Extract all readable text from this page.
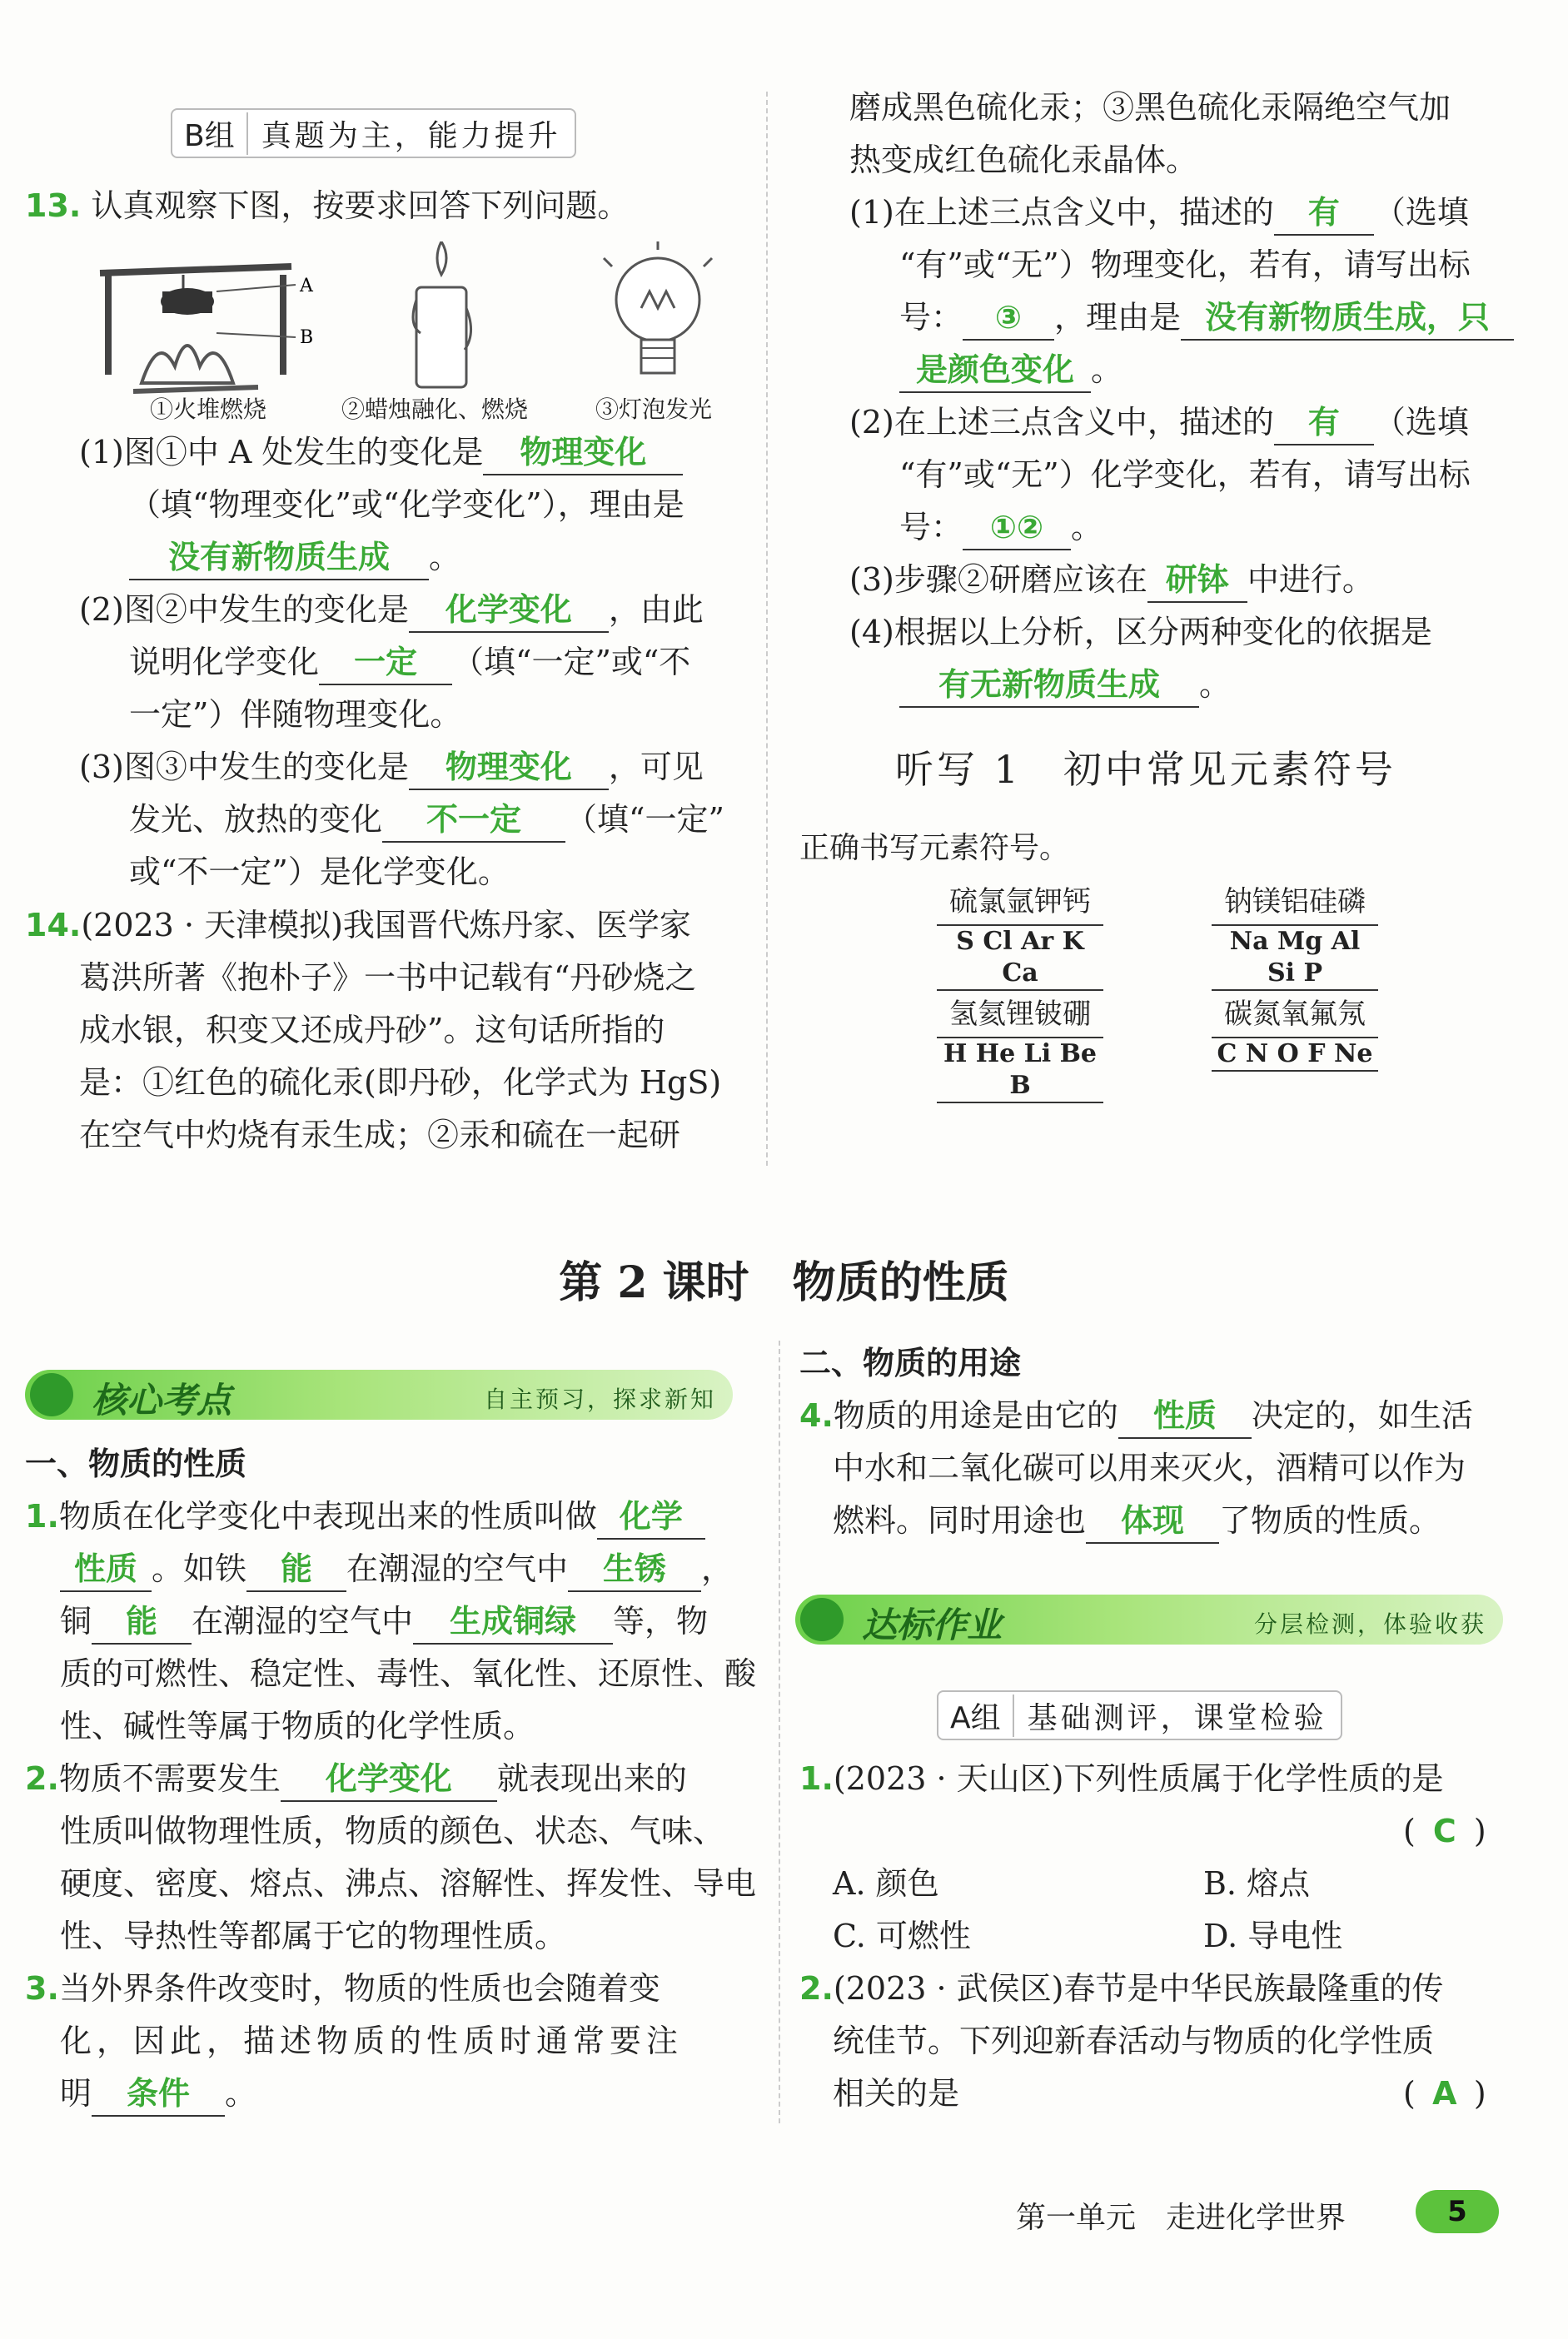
B组 真题为主，能力提升
13. 认真观察下图，按要求回答下列问题。
A
B
①火堆燃烧	②蜡烛融化、燃烧	③灯泡发光
(1)图①中 A 处发生的变化是 物理变化
（填“物理变化”或“化学变化”），理由是
没有新物质生成 。
(2)图②中发生的变化是 化学变化 ，由此
说明化学变化 一定 （填“一定”或“不
一定”）伴随物理变化。
(3)图③中发生的变化是 物理变化 ，可见
发光、放热的变化 不一定 （填“一定”
或“不一定”）是化学变化。
14.(2023 · 天津模拟)我国晋代炼丹家、医学家
葛洪所著《抱朴子》一书中记载有“丹砂烧之
成水银，积变又还成丹砂”。这句话所指的
是：①红色的硫化汞(即丹砂，化学式为 HgS)
在空气中灼烧有汞生成；②汞和硫在一起研
磨成黑色硫化汞；③黑色硫化汞隔绝空气加
热变成红色硫化汞晶体。
(1)在上述三点含义中，描述的 有 （选填
“有”或“无”）物理变化，若有，请写出标
号： ③ ，理由是 没有新物质生成，只
是颜色变化 。
(2)在上述三点含义中，描述的 有 （选填
“有”或“无”）化学变化，若有，请写出标
号： ①② 。
(3)步骤②研磨应该在 研钵 中进行。
(4)根据以上分析，区分两种变化的依据是
有无新物质生成 。
听写 1　初中常见元素符号
正确书写元素符号。
硫氯氩钾钙
S Cl Ar K Ca
钠镁铝硅磷
Na Mg Al Si P
氢氦锂铍硼
H He Li Be B
碳氮氧氟氖
C N O F Ne
第 2 课时　物质的性质
核心考点	自主预习，探求新知
一、物质的性质
1.物质在化学变化中表现出来的性质叫做 化学
性质 。如铁 能 在潮湿的空气中 生锈 ，
铜 能 在潮湿的空气中 生成铜绿 等，物
质的可燃性、稳定性、毒性、氧化性、还原性、酸
性、碱性等属于物质的化学性质。
2.物质不需要发生 化学变化 就表现出来的
性质叫做物理性质，物质的颜色、状态、气味、
硬度、密度、熔点、沸点、溶解性、挥发性、导电
性、导热性等都属于它的物理性质。
3.当外界条件改变时，物质的性质也会随着变
化，因此，描述物质的性质时通常要注
明 条件 。
二、物质的用途
4.物质的用途是由它的 性质 决定的，如生活
中水和二氧化碳可以用来灭火，酒精可以作为
燃料。同时用途也 体现 了物质的性质。
达标作业	分层检测，体验收获
A组 基础测评，课堂检验
1.(2023 · 天山区)下列性质属于化学性质的是
( C )
A. 颜色	B. 熔点
C. 可燃性	D. 导电性
2.(2023 · 武侯区)春节是中华民族最隆重的传
统佳节。下列迎新春活动与物质的化学性质
相关的是	( A )
第一单元　走进化学世界	5
